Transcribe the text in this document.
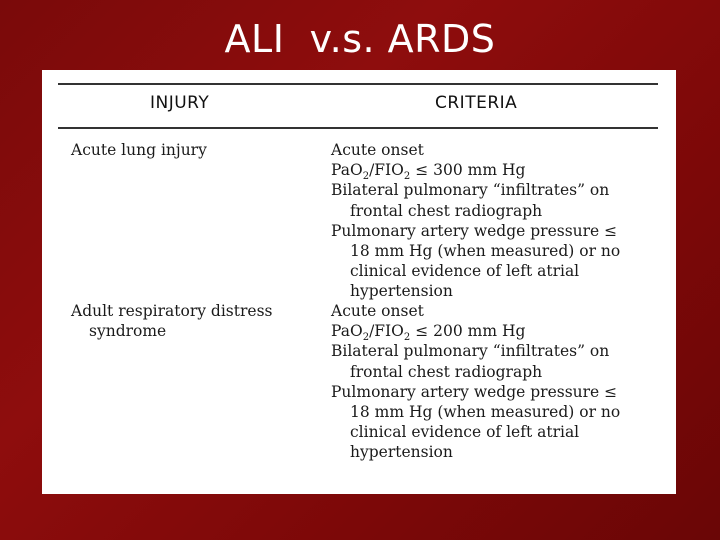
ALI  v.s. ARDS
INJURY	CRITERIA
Acute lung injury	Acute onset
$PaO_2/FIO_2 \le 300$ mm Hg
Bilateral pulmonary “infiltrates” on
frontal chest radiograph
Pulmonary artery wedge pressure ≤
18 mm Hg (when measured) or no
clinical evidence of left atrial
hypertension
Adult respiratory distress
syndrome
Acute onset
$PaO_2/FIO_2 \le 200$ mm Hg
Bilateral pulmonary “infiltrates” on
frontal chest radiograph
Pulmonary artery wedge pressure ≤
18 mm Hg (when measured) or no
clinical evidence of left atrial
hypertension
